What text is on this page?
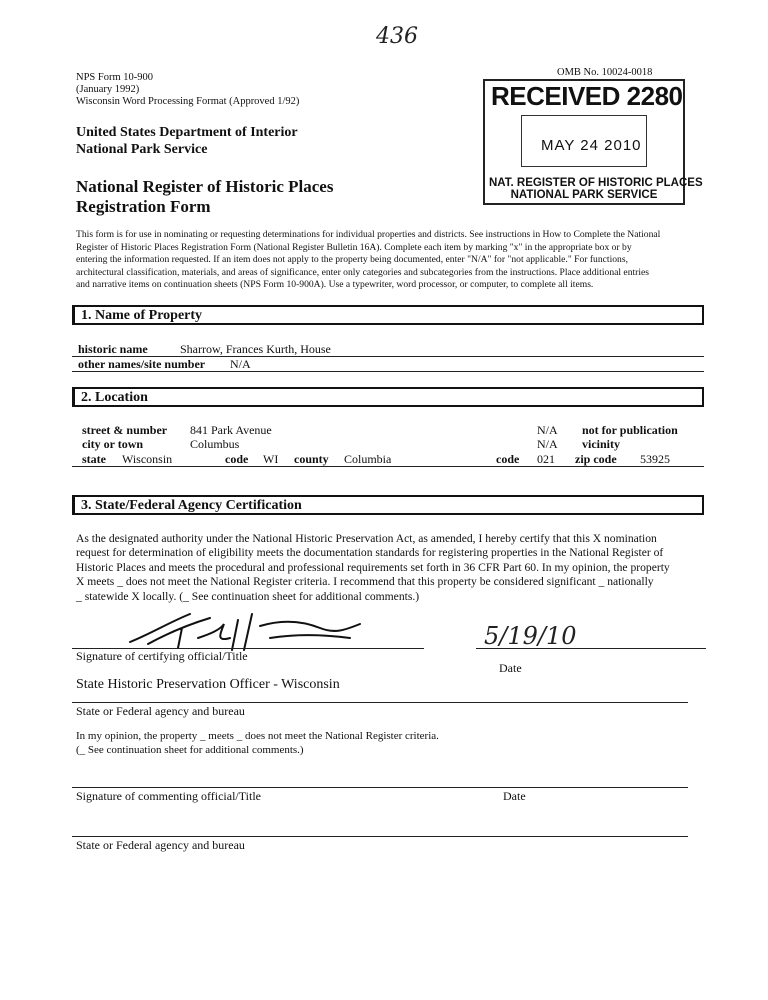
436
NPS Form 10-900
(January 1992)
Wisconsin Word Processing Format (Approved 1/92)
OMB No. 10024-0018
United States Department of Interior
National Park Service
National Register of Historic Places
Registration Form
RECEIVED 2280
MAY 24 2010
NAT. REGISTER OF HISTORIC PLACES
NATIONAL PARK SERVICE
This form is for use in nominating or requesting determinations for individual properties and districts. See instructions in How to Complete the National
Register of Historic Places Registration Form (National Register Bulletin 16A). Complete each item by marking "x" in the appropriate box or by
entering the information requested. If an item does not apply to the property being documented, enter "N/A" for "not applicable." For functions,
architectural classification, materials, and areas of significance, enter only categories and subcategories from the instructions. Place additional entries
and narrative items on continuation sheets (NPS Form 10-900A). Use a typewriter, word processor, or computer, to complete all items.
1. Name of Property
historic name	Sharrow, Frances Kurth, House
other names/site number N/A
2. Location
street & number 841 Park Avenue	N/A not for publication
city or town	Columbus	N/A vicinity
state Wisconsin	code WI county Columbia	code 021 zip code 53925
3. State/Federal Agency Certification
As the designated authority under the National Historic Preservation Act, as amended, I hereby certify that this X nomination
request for determination of eligibility meets the documentation standards for registering properties in the National Register of
Historic Places and meets the procedural and professional requirements set forth in 36 CFR Part 60. In my opinion, the property
X meets _ does not meet the National Register criteria. I recommend that this property be considered significant _ nationally
_ statewide X locally. (_ See continuation sheet for additional comments.)
Signature of certifying official/Title
5/19/10
Date
State Historic Preservation Officer - Wisconsin
State or Federal agency and bureau
In my opinion, the property _ meets _ does not meet the National Register criteria.
(_ See continuation sheet for additional comments.)
Signature of commenting official/Title	Date
State or Federal agency and bureau
